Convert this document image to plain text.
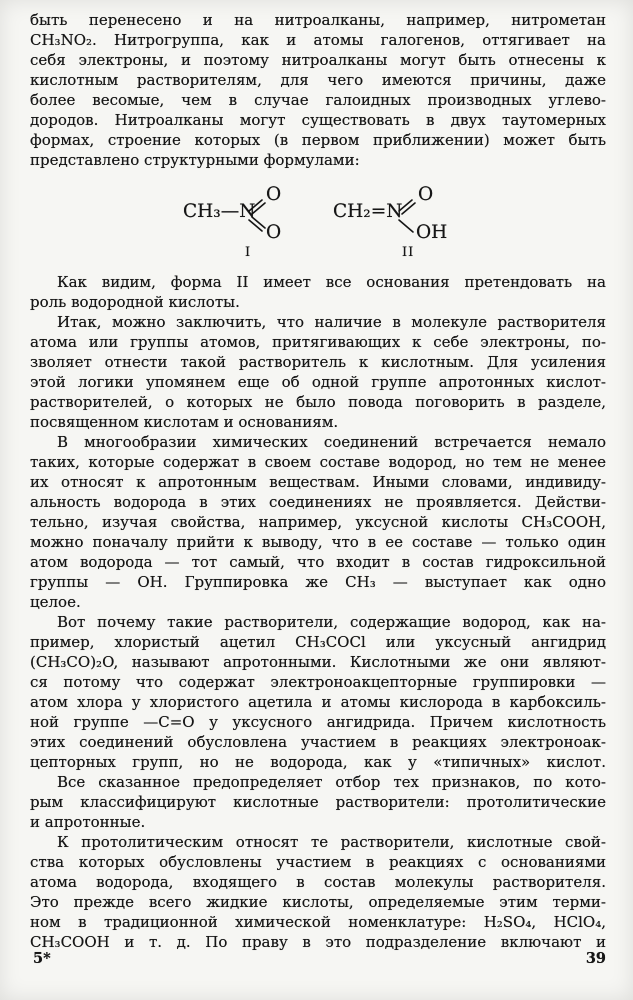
быть перенесено и на нитроалканы, например, нитрометан
CH₃NO₂. Нитрогруппа, как и атомы галогенов, оттягивает на
себя электроны, и поэтому нитроалканы могут быть отнесены к
кислотным растворителям, для чего имеются причины, даже
более весомые, чем в случае галоидных производных углево-
дородов. Нитроалканы могут существовать в двух таутомерных
формах, строение которых (в первом приближении) может быть
представлено структурными формулами:
CH₃—N
O
O
I
CH₂=N
O
OH
II
Как видим, форма II имеет все основания претендовать на
роль водородной кислоты.
Итак, можно заключить, что наличие в молекуле растворителя
атома или группы атомов, притягивающих к себе электроны, по-
зволяет отнести такой растворитель к кислотным. Для усиления
этой логики упомянем еще об одной группе апротонных кислот-
растворителей, о которых не было повода поговорить в разделе,
посвященном кислотам и основаниям.
В многообразии химических соединений встречается немало
таких, которые содержат в своем составе водород, но тем не менее
их относят к апротонным веществам. Иными словами, индивиду-
альность водорода в этих соединениях не проявляется. Действи-
тельно, изучая свойства, например, уксусной кислоты CH₃COOH,
можно поначалу прийти к выводу, что в ее составе — только один
атом водорода — тот самый, что входит в состав гидроксильной
группы — OH. Группировка же CH₃ — выступает как одно
целое.
Вот почему такие растворители, содержащие водород, как на-
пример, хлористый ацетил CH₃COCl или уксусный ангидрид
(CH₃CO)₂O, называют апротонными. Кислотными же они являют-
ся потому что содержат электроноакцепторные группировки —
атом хлора у хлористого ацетила и атомы кислорода в карбоксиль-
ной группе —C=O у уксусного ангидрида. Причем кислотность
этих соединений обусловлена участием в реакциях электроноак-
цепторных групп, но не водорода, как у «типичных» кислот.
Все сказанное предопределяет отбор тех признаков, по кото-
рым классифицируют кислотные растворители: протолитические
и апротонные.
К протолитическим относят те растворители, кислотные свой-
ства которых обусловлены участием в реакциях с основаниями
атома водорода, входящего в состав молекулы растворителя.
Это прежде всего жидкие кислоты, определяемые этим терми-
ном в традиционной химической номенклатуре: H₂SO₄, HClO₄,
CH₃COOH и т. д. По праву в это подразделение включают и
5*	39
